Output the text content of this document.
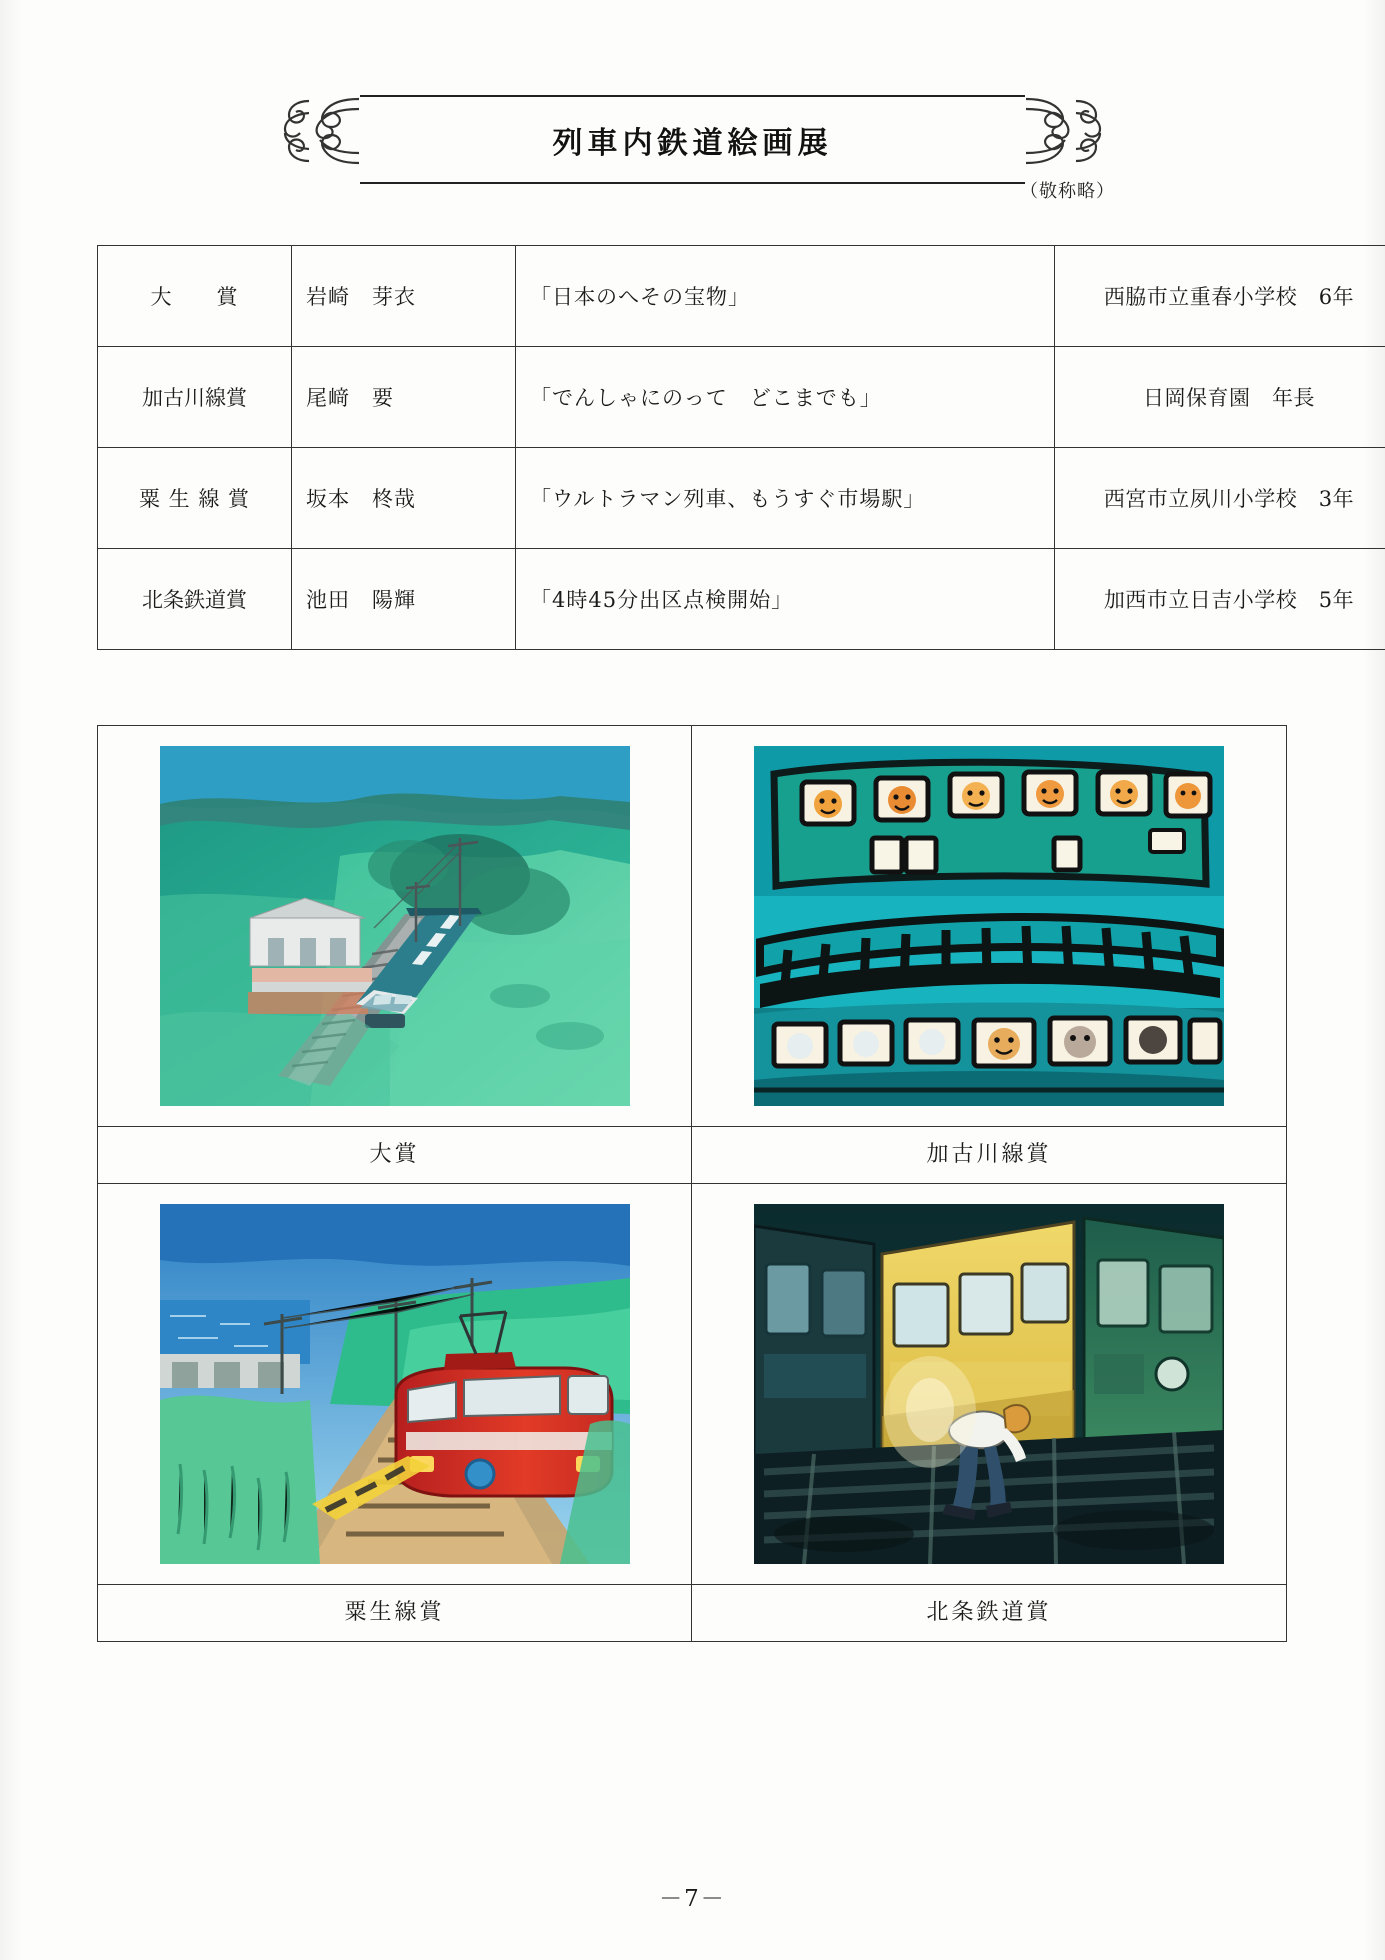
列車内鉄道絵画展
（敬称略）
大　　賞	岩崎　芽衣	「日本のへその宝物」	西脇市立重春小学校　6年
加古川線賞	尾﨑　要	「でんしゃにのって　どこまでも」	日岡保育園　年長
粟 生 線 賞	坂本　柊哉	「ウルトラマン列車、もうすぐ市場駅」	西宮市立夙川小学校　3年
北条鉄道賞	池田　陽輝	「4時45分出区点検開始」	加西市立日吉小学校　5年
大賞	加古川線賞
粟生線賞	北条鉄道賞
－7－
